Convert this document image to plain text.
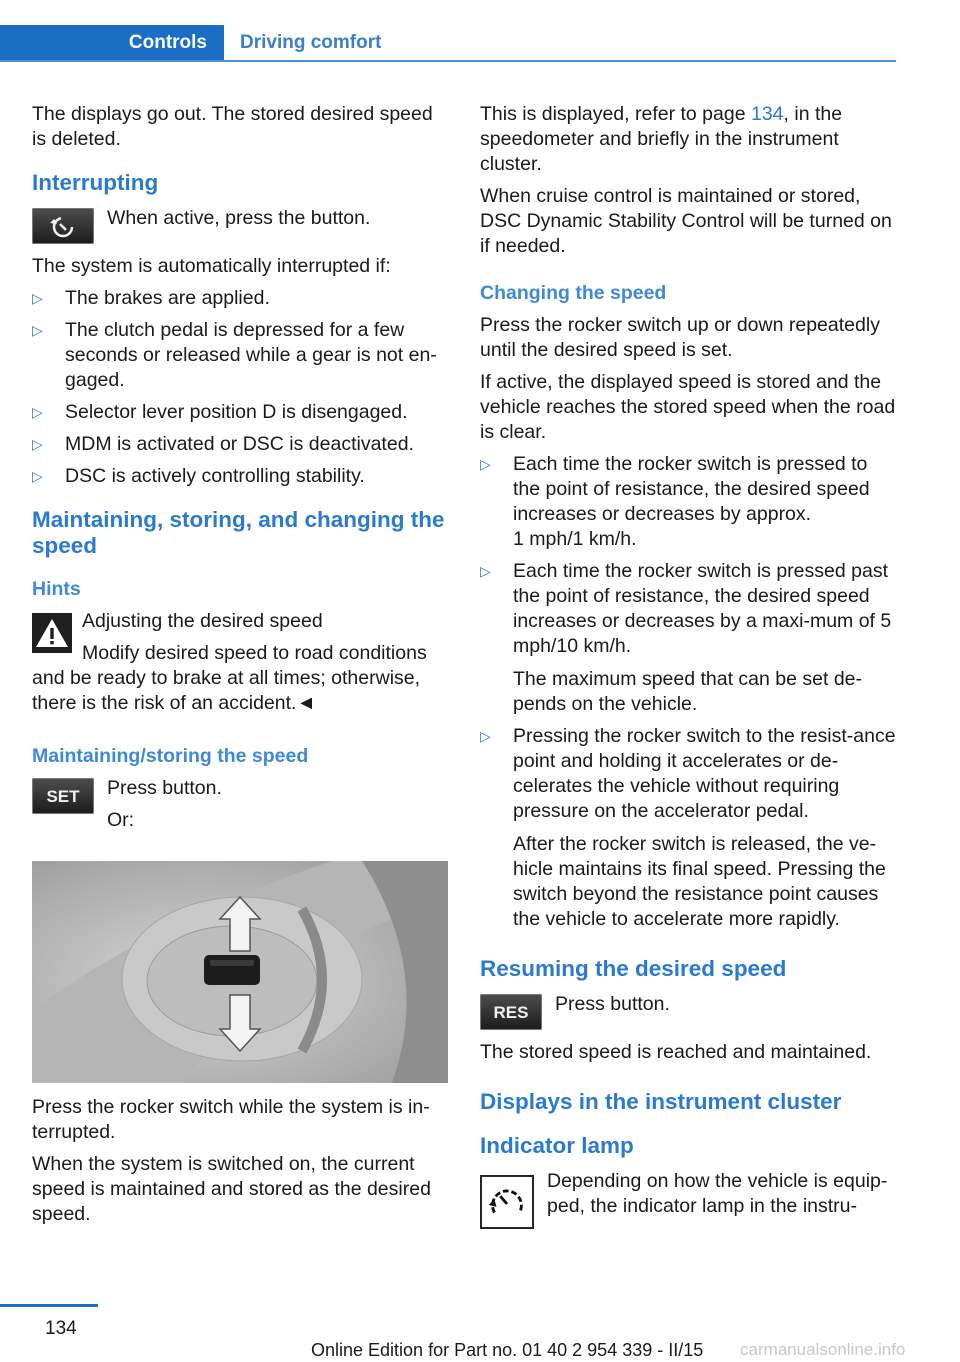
Controls	Driving comfort

The displays go out. The stored desired speed is deleted.

Interrupting
When active, press the button.

The system is automatically interrupted if:

▷ The brakes are applied.
▷ The clutch pedal is depressed for a few seconds or released while a gear is not en‐gaged.
▷ Selector lever position D is disengaged.
▷ MDM is activated or DSC is deactivated.
▷ DSC is actively controlling stability.
Maintaining, storing, and changing the speed
Hints
Adjusting the desired speed
Modify desired speed to road conditions and be ready to brake at all times; otherwise, there is the risk of an accident.◄
Maintaining/storing the speed
SET	Press button.
Or:

Press the rocker switch while the system is in‐terrupted.

When the system is switched on, the current speed is maintained and stored as the desired speed.

This is displayed, refer to page 134, in the speedometer and briefly in the instrument cluster.

When cruise control is maintained or stored, DSC Dynamic Stability Control will be turned on if needed.

Changing the speed

Press the rocker switch up or down repeatedly until the desired speed is set.

If active, the displayed speed is stored and the vehicle reaches the stored speed when the road is clear.

▷ Each time the rocker switch is pressed to the point of resistance, the desired speed increases or decreases by approx.
1 mph/1 km/h.
▷ Each time the rocker switch is pressed past the point of resistance, the desired speed increases or decreases by a maxi‐mum of 5 mph/10 km/h.
The maximum speed that can be set de‐pends on the vehicle.
▷ Pressing the rocker switch to the resist‐ance point and holding it accelerates or de‐celerates the vehicle without requiring pressure on the accelerator pedal.
After the rocker switch is released, the ve‐hicle maintains its final speed. Pressing the switch beyond the resistance point causes the vehicle to accelerate more rapidly.
Resuming the desired speed
RES	Press button.

The stored speed is reached and maintained.

Displays in the instrument cluster
Indicator lamp
Depending on how the vehicle is equip‐ped, the indicator lamp in the instru‐
134
Online Edition for Part no. 01 40 2 954 339 - II/15 carmanualsonline.info
